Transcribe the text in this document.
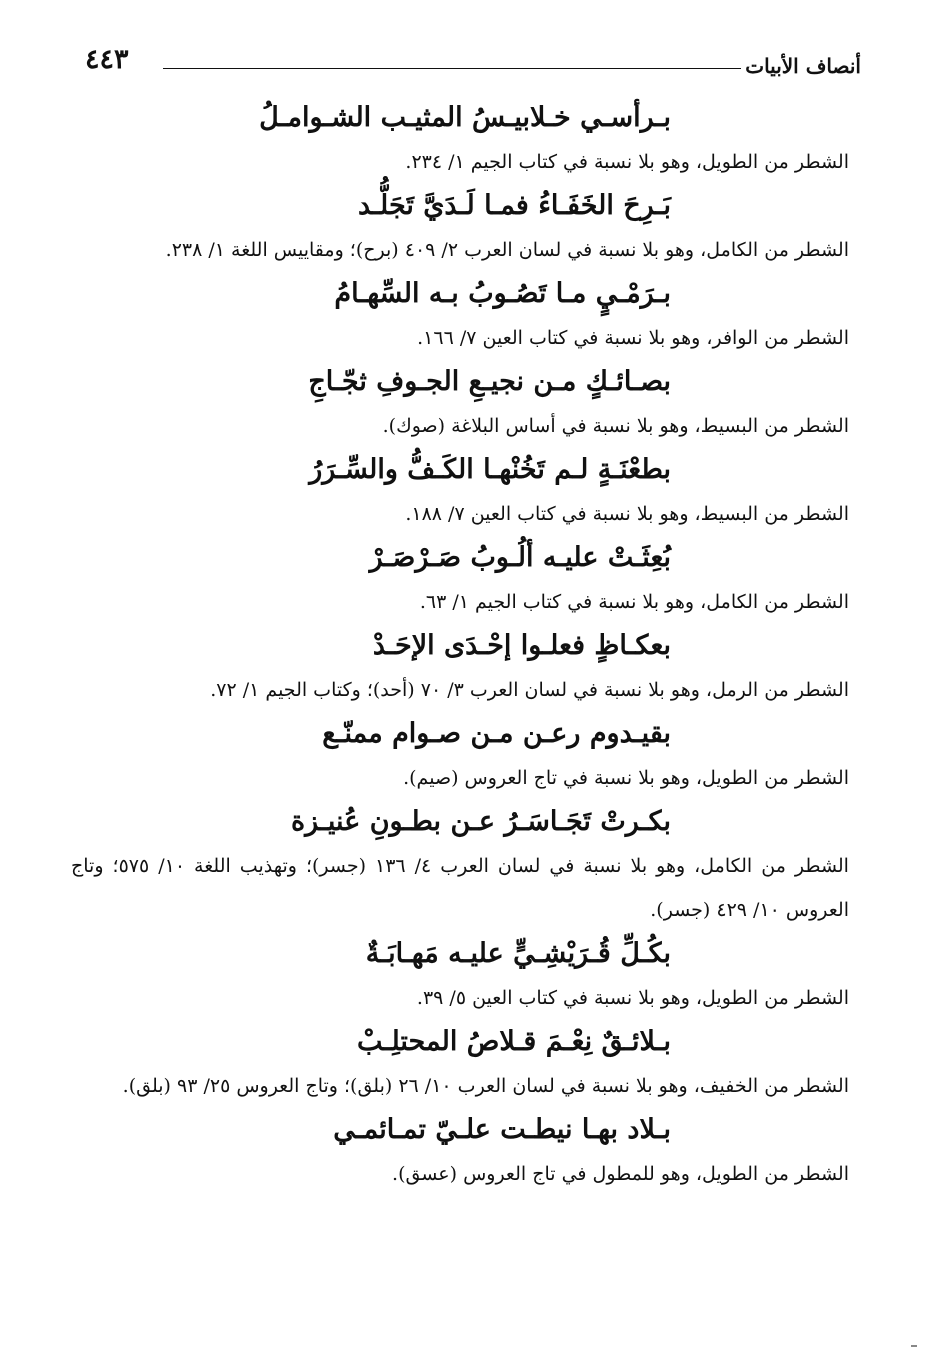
أنصاف الأبيات
٤٤٣
بـرأسـي خـلابيـسُ المثيـب الشـوامـلُ
الشطر من الطويل، وهو بلا نسبة في كتاب الجيم ١/ ٢٣٤.
بَـرِحَ الخَفَـاءُ فمـا لَـدَيَّ تَجَلُّـد
الشطر من الكامل، وهو بلا نسبة في لسان العرب ٢/ ٤٠٩ (برح)؛ ومقاييس اللغة ١/ ٢٣٨.
بـرَمْـيٍ مـا تَصُـوبُ بـه السِّهـامُ
الشطر من الوافر، وهو بلا نسبة في كتاب العين ٧/ ١٦٦.
بصـائـكٍ مـن نجيـعِ الجـوفِ ثجّـاجِ
الشطر من البسيط، وهو بلا نسبة في أساس البلاغة (صوك).
بطعْنَـةٍ لـم تَخُنْهـا الكَـفُّ والسِّـرَرُ
الشطر من البسيط، وهو بلا نسبة في كتاب العين ٧/ ١٨٨.
بُعِثَـتْ عليـه ألُـوبُ صَـرْصَـرْ
الشطر من الكامل، وهو بلا نسبة في كتاب الجيم ١/ ٦٣.
بعكـاظٍ فعلـوا إحْـدَى الإحَـدْ
الشطر من الرمل، وهو بلا نسبة في لسان العرب ٣/ ٧٠ (أحد)؛ وكتاب الجيم ١/ ٧٢.
بقيـدوم رعـن مـن صـوام ممنّـع
الشطر من الطويل، وهو بلا نسبة في تاج العروس (صيم).
بكـرتْ تَجَـاسَـرُ عـن بطـونِ عُنيـزة
الشطر من الكامل، وهو بلا نسبة في لسان العرب ٤/ ١٣٦ (جسر)؛ وتهذيب اللغة ١٠/ ٥٧٥؛ وتاج العروس ١٠/ ٤٢٩ (جسر).
بكُـلِّ قُـرَيْشِـيٍّ عليـه مَهـابَـةٌ
الشطر من الطويل، وهو بلا نسبة في كتاب العين ٥/ ٣٩.
بـلائـقٌ نِعْـمَ قـلاصُ المحتلِـبْ
الشطر من الخفيف، وهو بلا نسبة في لسان العرب ١٠/ ٢٦ (بلق)؛ وتاج العروس ٢٥/ ٩٣ (بلق).
بـلاد بهـا نيطـت علـيّ تمـائمـي
الشطر من الطويل، وهو للمطول في تاج العروس (عسق).
